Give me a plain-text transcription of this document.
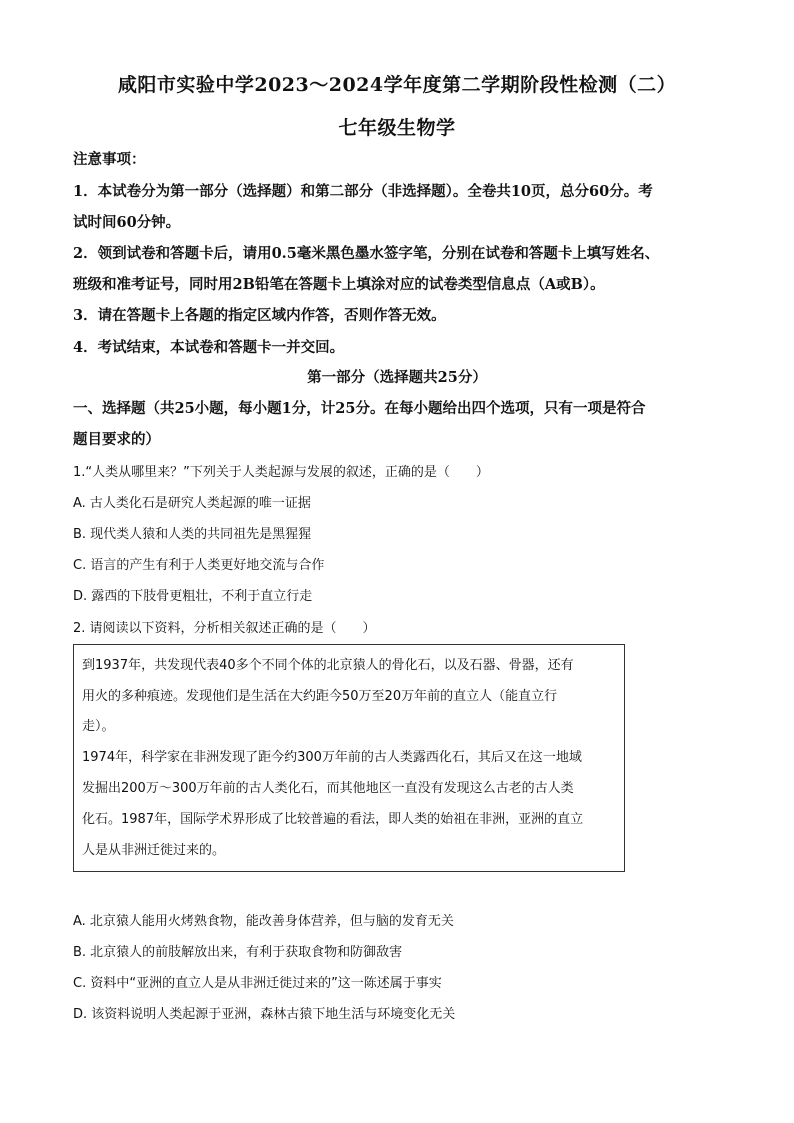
咸阳市实验中学2023～2024学年度第二学期阶段性检测（二）
七年级生物学
注意事项：
1．本试卷分为第一部分（选择题）和第二部分（非选择题）。全卷共10页，总分60分。考
试时间60分钟。
2．领到试卷和答题卡后，请用0.5毫米黑色墨水签字笔，分别在试卷和答题卡上填写姓名、
班级和准考证号，同时用2B铅笔在答题卡上填涂对应的试卷类型信息点（A或B）。
3．请在答题卡上各题的指定区域内作答，否则作答无效。
4．考试结束，本试卷和答题卡一并交回。
第一部分（选择题共25分）
一、选择题（共25小题，每小题1分，计25分。在每小题给出四个选项，只有一项是符合
题目要求的）
1.“人类从哪里来？”下列关于人类起源与发展的叙述，正确的是（　　）
A. 古人类化石是研究人类起源的唯一证据
B. 现代类人猿和人类的共同祖先是黑猩猩
C. 语言的产生有利于人类更好地交流与合作
D. 露西的下肢骨更粗壮，不利于直立行走
2. 请阅读以下资料，分析相关叙述正确的是（　　）
到1937年，共发现代表40多个不同个体的北京猿人的骨化石，以及石器、骨器，还有
用火的多种痕迹。发现他们是生活在大约距今50万至20万年前的直立人（能直立行
走）。
1974年，科学家在非洲发现了距今约300万年前的古人类露西化石，其后又在这一地域
发掘出200万～300万年前的古人类化石，而其他地区一直没有发现这么古老的古人类
化石。1987年，国际学术界形成了比较普遍的看法，即人类的始祖在非洲，亚洲的直立
人是从非洲迁徙过来的。
A. 北京猿人能用火烤熟食物，能改善身体营养，但与脑的发育无关
B. 北京猿人的前肢解放出来，有利于获取食物和防御敌害
C. 资料中“亚洲的直立人是从非洲迁徙过来的”这一陈述属于事实
D. 该资料说明人类起源于亚洲，森林古猿下地生活与环境变化无关
